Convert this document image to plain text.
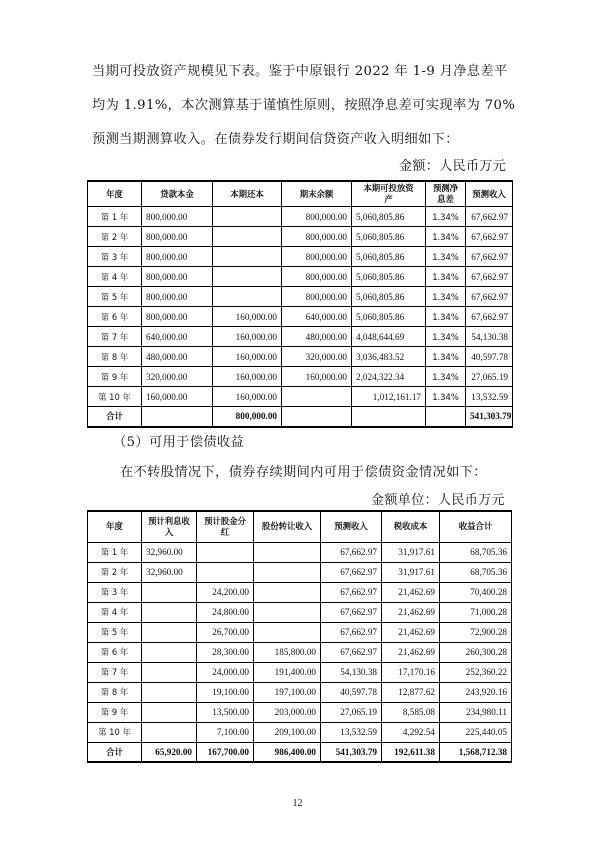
当期可投放资产规模见下表。鉴于中原银行 2022 年 1-9 月净息差平
均为 1.91%，本次测算基于谨慎性原则，按照净息差可实现率为 70%
预测当期测算收入。在债券发行期间信贷资产收入明细如下：
金额：人民币万元
年度	贷款本金	本期还本	期末余额	本期可投放资产	预测净息差	预测收入
第 1 年	800,000.00		800,000.00	5,060,805.86	1.34%	67,662.97
第 2 年	800,000.00		800,000.00	5,060,805.86	1.34%	67,662.97
第 3 年	800,000.00		800,000.00	5,060,805.86	1.34%	67,662.97
第 4 年	800,000.00		800,000.00	5,060,805.86	1.34%	67,662.97
第 5 年	800,000.00		800,000.00	5,060,805.86	1.34%	67,662.97
第 6 年	800,000.00	160,000.00	640,000.00	5,060,805.86	1.34%	67,662.97
第 7 年	640,000.00	160,000.00	480,000.00	4,048,644.69	1.34%	54,130.38
第 8 年	480,000.00	160,000.00	320,000.00	3,036,483.52	1.34%	40,597.78
第 9 年	320,000.00	160,000.00	160,000.00	2,024,322.34	1.34%	27,065.19
第 10 年	160,000.00	160,000.00		1,012,161.17	1.34%	13,532.59
合计		800,000.00				541,303.79
（5）可用于偿债收益
在不转股情况下，债券存续期间内可用于偿债资金情况如下：
金额单位：人民币万元
年度	预计利息收入	预计股金分红	股份转让收入	预测收入	税收成本	收益合计
第 1 年	32,960.00			67,662.97	31,917.61	68,705.36
第 2 年	32,960.00			67,662.97	31,917.61	68,705.36
第 3 年		24,200.00		67,662.97	21,462.69	70,400.28
第 4 年		24,800.00		67,662.97	21,462.69	71,000.28
第 5 年		26,700.00		67,662.97	21,462.69	72,900.28
第 6 年		28,300.00	185,800.00	67,662.97	21,462.69	260,300.28
第 7 年		24,000.00	191,400.00	54,130.38	17,170.16	252,360.22
第 8 年		19,100.00	197,100.00	40,597.78	12,877.62	243,920.16
第 9 年		13,500.00	203,000.00	27,065.19	8,585.08	234,980.11
第 10 年		7,100.00	209,100.00	13,532.59	4,292.54	225,440.05
合计	65,920.00	167,700.00	986,400.00	541,303.79	192,611.38	1,568,712.38
12
